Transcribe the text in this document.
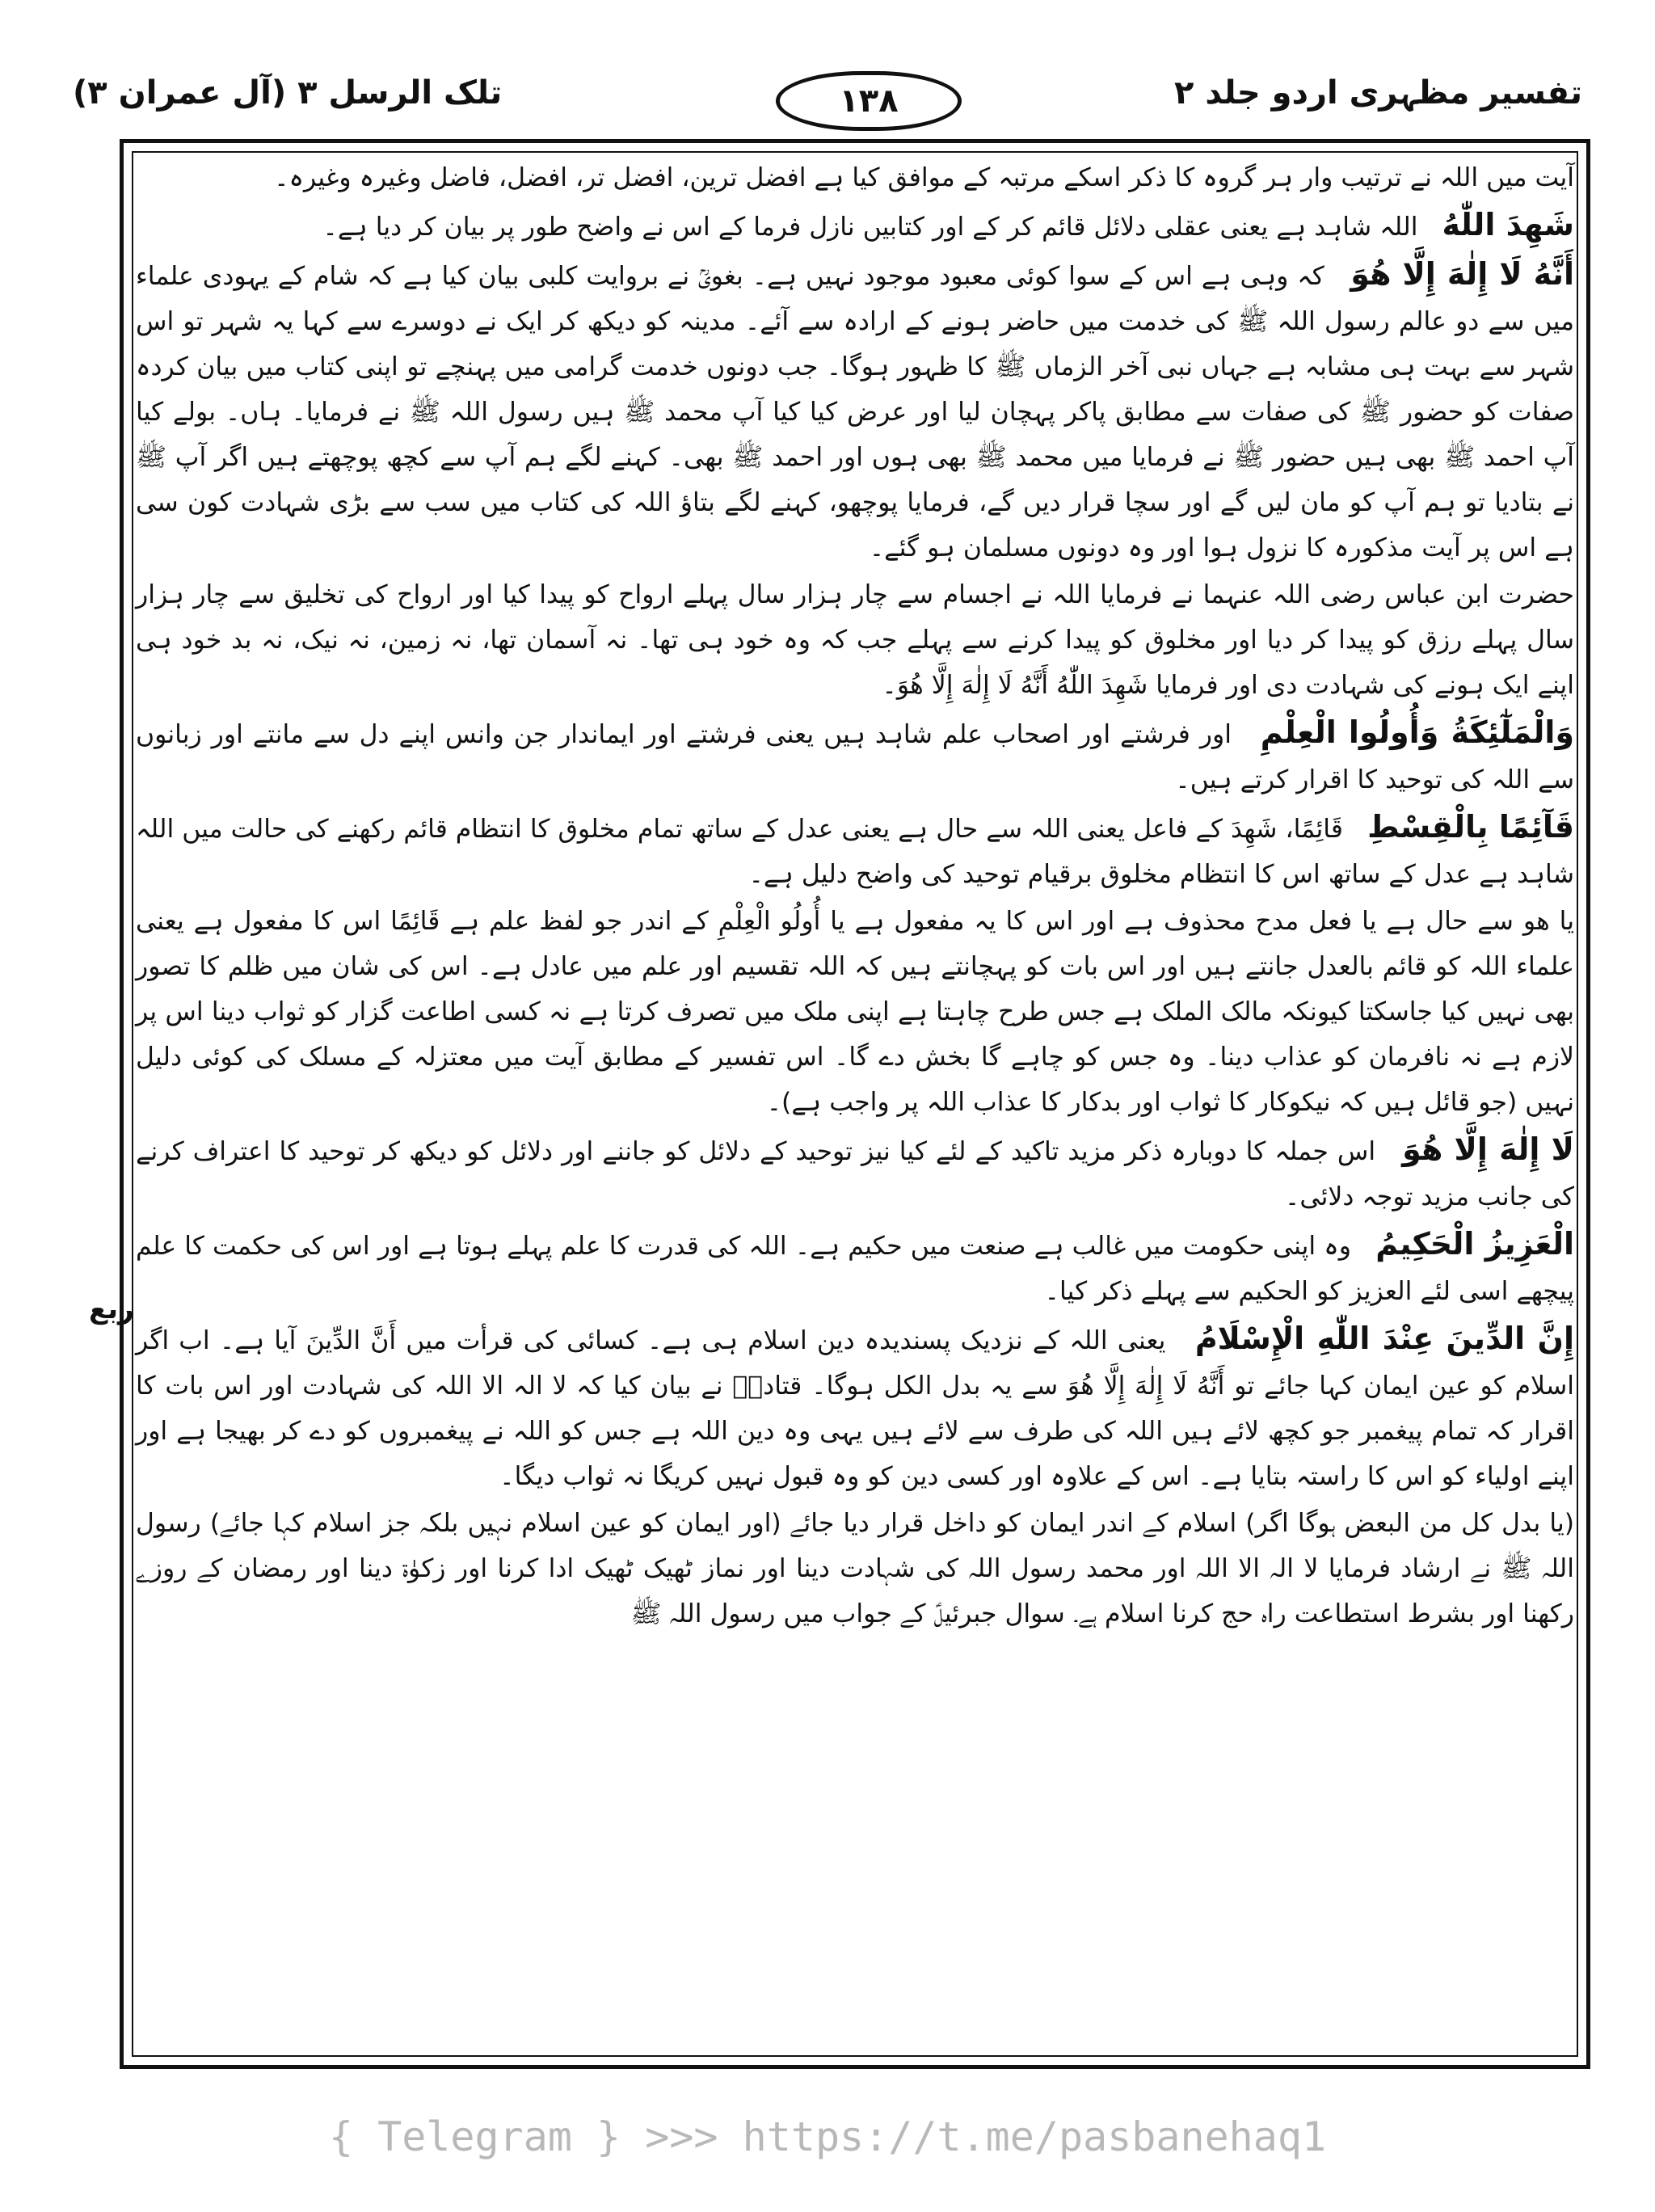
تفسیر مظہری اردو جلد ۲
۱۳۸
تلک الرسل ۳ (آل عمران ۳)
ربع

آیت میں اللہ نے ترتیب وار ہر گروہ کا ذکر اسکے مرتبہ کے موافق کیا ہے افضل ترین، افضل تر، افضل، فاضل وغیرہ وغیرہ۔

شَهِدَ اللّٰهُ   اللہ شاہد ہے یعنی عقلی دلائل قائم کر کے اور کتابیں نازل فرما کے اس نے واضح طور پر بیان کر دیا ہے۔

أَنَّهُ لَا إِلٰهَ إِلَّا هُوَ   کہ وہی ہے اس کے سوا کوئی معبود موجود نہیں ہے۔ بغویؒ نے بروایت کلبی بیان کیا ہے کہ شام کے یہودی علماء میں سے دو عالم رسول اللہ ﷺ کی خدمت میں حاضر ہونے کے ارادہ سے آئے۔ مدینہ کو دیکھ کر ایک نے دوسرے سے کہا یہ شہر تو اس شہر سے بہت ہی مشابہ ہے جہاں نبی آخر الزماں ﷺ کا ظہور ہوگا۔ جب دونوں خدمت گرامی میں پہنچے تو اپنی کتاب میں بیان کردہ صفات کو حضور ﷺ کی صفات سے مطابق پاکر پہچان لیا اور عرض کیا کیا آپ محمد ﷺ ہیں رسول اللہ ﷺ نے فرمایا۔ ہاں۔ بولے کیا آپ احمد ﷺ بھی ہیں حضور ﷺ نے فرمایا میں محمد ﷺ بھی ہوں اور احمد ﷺ بھی۔ کہنے لگے ہم آپ سے کچھ پوچھتے ہیں اگر آپ ﷺ نے بتادیا تو ہم آپ کو مان لیں گے اور سچا قرار دیں گے، فرمایا پوچھو، کہنے لگے بتاؤ اللہ کی کتاب میں سب سے بڑی شہادت کون سی ہے اس پر آیت مذکورہ کا نزول ہوا اور وہ دونوں مسلمان ہو گئے۔

حضرت ابن عباس رضی اللہ عنہما نے فرمایا اللہ نے اجسام سے چار ہزار سال پہلے ارواح کو پیدا کیا اور ارواح کی تخلیق سے چار ہزار سال پہلے رزق کو پیدا کر دیا اور مخلوق کو پیدا کرنے سے پہلے جب کہ وہ خود ہی تھا۔ نہ آسمان تھا، نہ زمین، نہ نیک، نہ بد خود ہی اپنے ایک ہونے کی شہادت دی اور فرمایا شَهِدَ اللّٰهُ أَنَّهُ لَا إِلٰهَ إِلَّا هُوَ۔

وَالْمَلٰٓئِكَةُ وَأُولُوا الْعِلْمِ   اور فرشتے اور اصحاب علم شاہد ہیں یعنی فرشتے اور ایماندار جن وانس اپنے دل سے مانتے اور زبانوں سے اللہ کی توحید کا اقرار کرتے ہیں۔

قَآئِمًا بِالْقِسْطِ   قَائِمًا، شَهِدَ کے فاعل یعنی اللہ سے حال ہے یعنی عدل کے ساتھ تمام مخلوق کا انتظام قائم رکھنے کی حالت میں اللہ شاہد ہے عدل کے ساتھ اس کا انتظام مخلوق برقیام توحید کی واضح دلیل ہے۔

یا هو سے حال ہے یا فعل مدح محذوف ہے اور اس کا یہ مفعول ہے یا أُولُو الْعِلْمِ کے اندر جو لفظ علم ہے قَائِمًا اس کا مفعول ہے یعنی علماء اللہ کو قائم بالعدل جانتے ہیں اور اس بات کو پہچانتے ہیں کہ اللہ تقسیم اور علم میں عادل ہے۔ اس کی شان میں ظلم کا تصور بھی نہیں کیا جاسکتا کیونکہ مالک الملک ہے جس طرح چاہتا ہے اپنی ملک میں تصرف کرتا ہے نہ کسی اطاعت گزار کو ثواب دینا اس پر لازم ہے نہ نافرمان کو عذاب دینا۔ وہ جس کو چاہے گا بخش دے گا۔ اس تفسیر کے مطابق آیت میں معتزلہ کے مسلک کی کوئی دلیل نہیں (جو قائل ہیں کہ نیکوکار کا ثواب اور بدکار کا عذاب اللہ پر واجب ہے)۔

لَا إِلٰهَ إِلَّا هُوَ   اس جملہ کا دوبارہ ذکر مزید تاکید کے لئے کیا نیز توحید کے دلائل کو جاننے اور دلائل کو دیکھ کر توحید کا اعتراف کرنے کی جانب مزید توجہ دلائی۔

الْعَزِيزُ الْحَكِيمُ   وہ اپنی حکومت میں غالب ہے صنعت میں حکیم ہے۔ اللہ کی قدرت کا علم پہلے ہوتا ہے اور اس کی حکمت کا علم پیچھے اسی لئے العزیز کو الحکیم سے پہلے ذکر کیا۔

إِنَّ الدِّينَ عِنْدَ اللّٰهِ الْإِسْلَامُ   یعنی اللہ کے نزدیک پسندیدہ دین اسلام ہی ہے۔ کسائی کی قرأت میں أَنَّ الدِّينَ آیا ہے۔ اب اگر اسلام کو عین ایمان کہا جائے تو أَنَّهُ لَا إِلٰهَ إِلَّا هُوَ سے یہ بدل الکل ہوگا۔ قتادہؒ نے بیان کیا کہ لا الہ الا اللہ کی شہادت اور اس بات کا اقرار کہ تمام پیغمبر جو کچھ لائے ہیں اللہ کی طرف سے لائے ہیں یہی وہ دین اللہ ہے جس کو اللہ نے پیغمبروں کو دے کر بھیجا ہے اور اپنے اولیاء کو اس کا راستہ بتایا ہے۔ اس کے علاوہ اور کسی دین کو وہ قبول نہیں کریگا نہ ثواب دیگا۔

(یا بدل کل من البعض ہوگا اگر) اسلام کے اندر ایمان کو داخل قرار دیا جائے (اور ایمان کو عین اسلام نہیں بلکہ جز اسلام کہا جائے) رسول اللہ ﷺ نے ارشاد فرمایا لا الہ الا اللہ اور محمد رسول اللہ کی شہادت دینا اور نماز ٹھیک ٹھیک ادا کرنا اور زکوٰۃ دینا اور رمضان کے روزے رکھنا اور بشرط استطاعت راہ حج کرنا اسلام ہے۔ سوال جبرئیلؑ کے جواب میں رسول اللہ ﷺ

{ Telegram } >>> https://t.me/pasbanehaq1
